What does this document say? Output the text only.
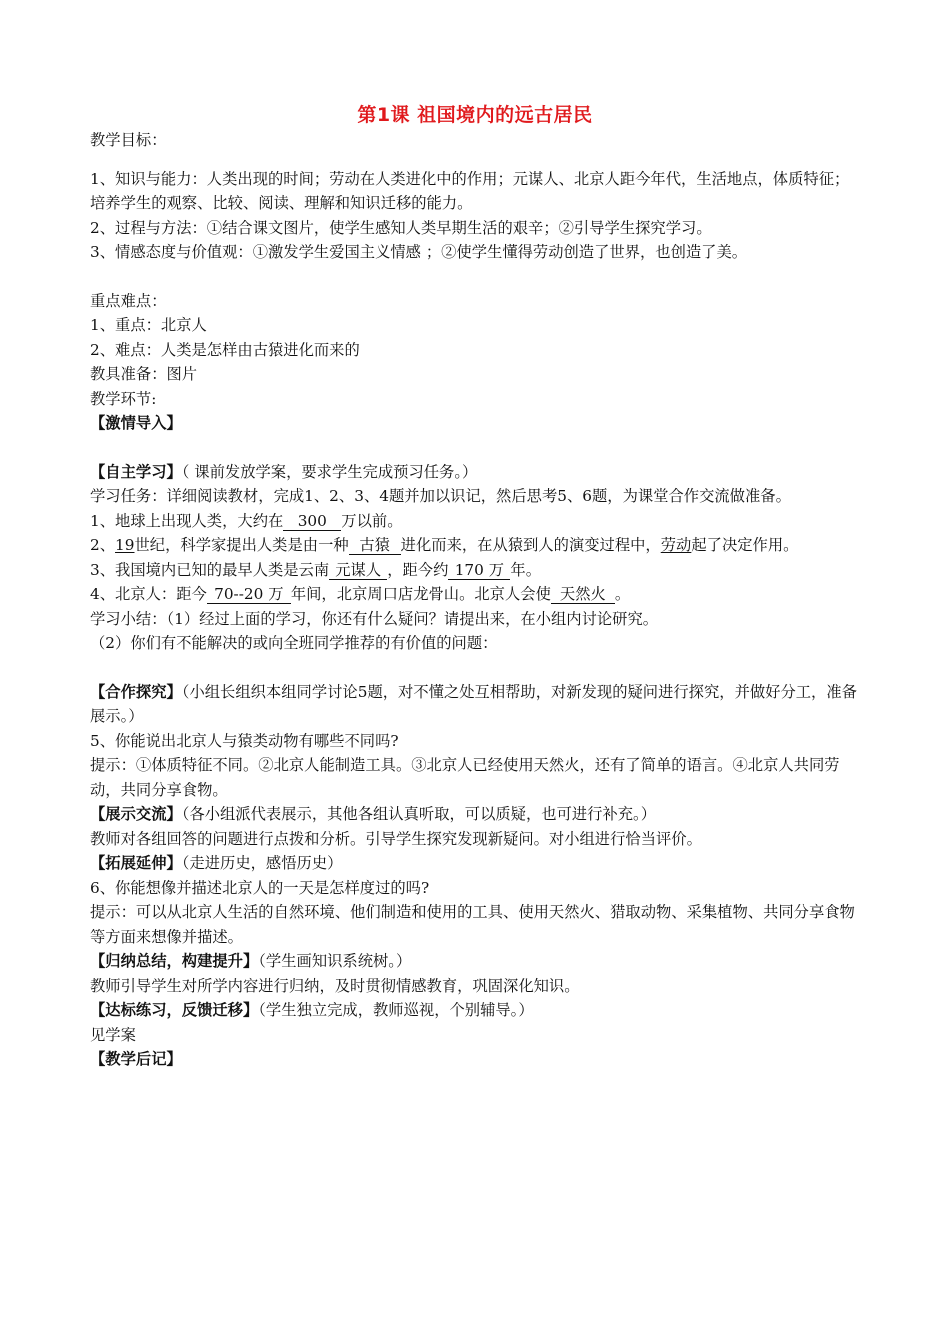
第1课 祖国境内的远古居民

教学目标：

1、知识与能力：人类出现的时间；劳动在人类进化中的作用；元谋人、北京人距今年代，生活地点，体质特征；培养学生的观察、比较、阅读、理解和知识迁移的能力。

2、过程与方法：①结合课文图片，使学生感知人类早期生活的艰辛；②引导学生探究学习。

3、情感态度与价值观：①激发学生爱国主义情感 ；②使学生懂得劳动创造了世界，也创造了美。

重点难点：

1、重点：北京人

2、难点：人类是怎样由古猿进化而来的

教具准备：图片

教学环节:

【激情导入】

【自主学习】（ 课前发放学案，要求学生完成预习任务。）

学习任务：详细阅读教材，完成1、2、3、4题并加以识记，然后思考5、6题，为课堂合作交流做准备。

1、地球上出现人类，大约在 300 万以前。

2、19世纪，科学家提出人类是由一种 古猿 进化而来，在从猿到人的演变过程中，劳动起了决定作用。

3、我国境内已知的最早人类是云南 元谋人 ，距今约 170 万 年。

4、北京人：距今 70--20 万 年间，北京周口店龙骨山。北京人会使 天然火 。

学习小结：（1）经过上面的学习，你还有什么疑问？请提出来，在小组内讨论研究。

（2）你们有不能解决的或向全班同学推荐的有价值的问题：

【合作探究】（小组长组织本组同学讨论5题，对不懂之处互相帮助，对新发现的疑问进行探究，并做好分工，准备展示。）

5、你能说出北京人与猿类动物有哪些不同吗?

提示：①体质特征不同。②北京人能制造工具。③北京人已经使用天然火，还有了简单的语言。④北京人共同劳动，共同分享食物。

【展示交流】（各小组派代表展示，其他各组认真听取，可以质疑，也可进行补充。）

教师对各组回答的问题进行点拨和分析。引导学生探究发现新疑问。对小组进行恰当评价。

【拓展延伸】（走进历史，感悟历史）

6、你能想像并描述北京人的一天是怎样度过的吗?

提示：可以从北京人生活的自然环境、他们制造和使用的工具、使用天然火、猎取动物、采集植物、共同分享食物等方面来想像并描述。

【归纳总结，构建提升】（学生画知识系统树。）

教师引导学生对所学内容进行归纳，及时贯彻情感教育，巩固深化知识。

【达标练习，反馈迁移】（学生独立完成，教师巡视，个别辅导。）

见学案

【教学后记】
